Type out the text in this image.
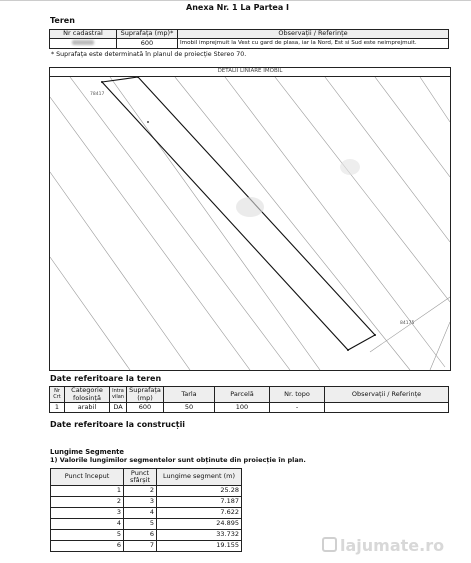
Anexa Nr. 1 La Partea I
Teren
Nr cadastral	Suprafața (mp)*	Observații / Referințe
	600	Imobil imprejmuit la Vest cu gard de plasa, iar la Nord, Est si Sud este neimprejmuit.
* Suprafața este determinată în planul de proiecție Stereo 70.
DETALII LINIARE IMOBIL
78417
84175
Date referitoare la teren
Nr Crt	Categorie folosință	Intra vilan	Suprafața (mp)	Tarla	Parcelă	Nr. topo	Observații / Referințe
1	arabil	DA	600	50	100	-	
Date referitoare la construcții
Lungime Segmente
1) Valorile lungimilor segmentelor sunt obținute din proiecție în plan.
Punct început	Punct sfârșit	Lungime segment (m)
1	2	25.28
2	3	7.187
3	4	7.622
4	5	24.895
5	6	33.732
6	7	19.155	lajumate.ro
